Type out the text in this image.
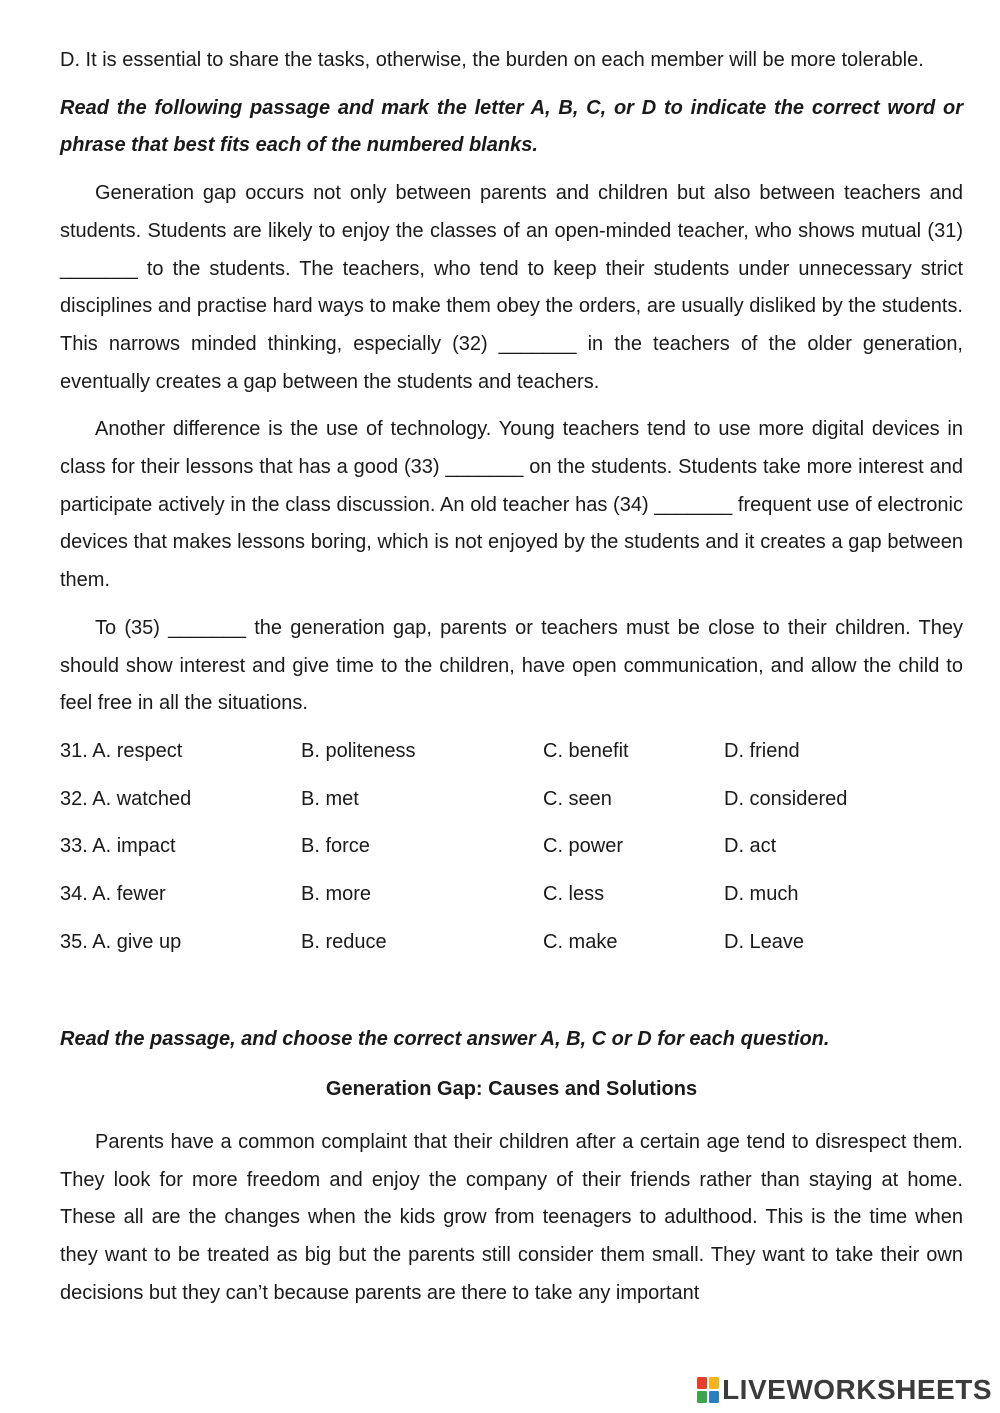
D. It is essential to share the tasks, otherwise, the burden on each member will be more tolerable.

Read the following passage and mark the letter A, B, C, or D to indicate the correct word or phrase that best fits each of the numbered blanks.

Generation gap occurs not only between parents and children but also between teachers and students. Students are likely to enjoy the classes of an open-minded teacher, who shows mutual (31) _______ to the students. The teachers, who tend to keep their students under unnecessary strict disciplines and practise hard ways to make them obey the orders, are usually disliked by the students. This narrows minded thinking, especially (32) _______ in the teachers of the older generation, eventually creates a gap between the students and teachers.

Another difference is the use of technology. Young teachers tend to use more digital devices in class for their lessons that has a good (33) _______ on the students. Students take more interest and participate actively in the class discussion. An old teacher has (34) _______ frequent use of electronic devices that makes lessons boring, which is not enjoyed by the students and it creates a gap between them.

To (35) _______ the generation gap, parents or teachers must be close to their children. They should show interest and give time to the children, have open communication, and allow the child to feel free in all the situations.

31. A. respect	B. politeness	C. benefit	D. friend
32. A. watched	B. met	C. seen	D. considered
33. A. impact	B. force	C. power	D. act
34. A. fewer	B. more	C. less	D. much
35. A. give up	B. reduce	C. make	D. Leave

Read the passage, and choose the correct answer A, B, C or D for each question.

Generation Gap: Causes and Solutions

Parents have a common complaint that their children after a certain age tend to disrespect them. They look for more freedom and enjoy the company of their friends rather than staying at home. These all are the changes when the kids grow from teenagers to adulthood. This is the time when they want to be treated as big but the parents still consider them small. They want to take their own decisions but they can’t because parents are there to take any important

LIVEWORKSHEETS
